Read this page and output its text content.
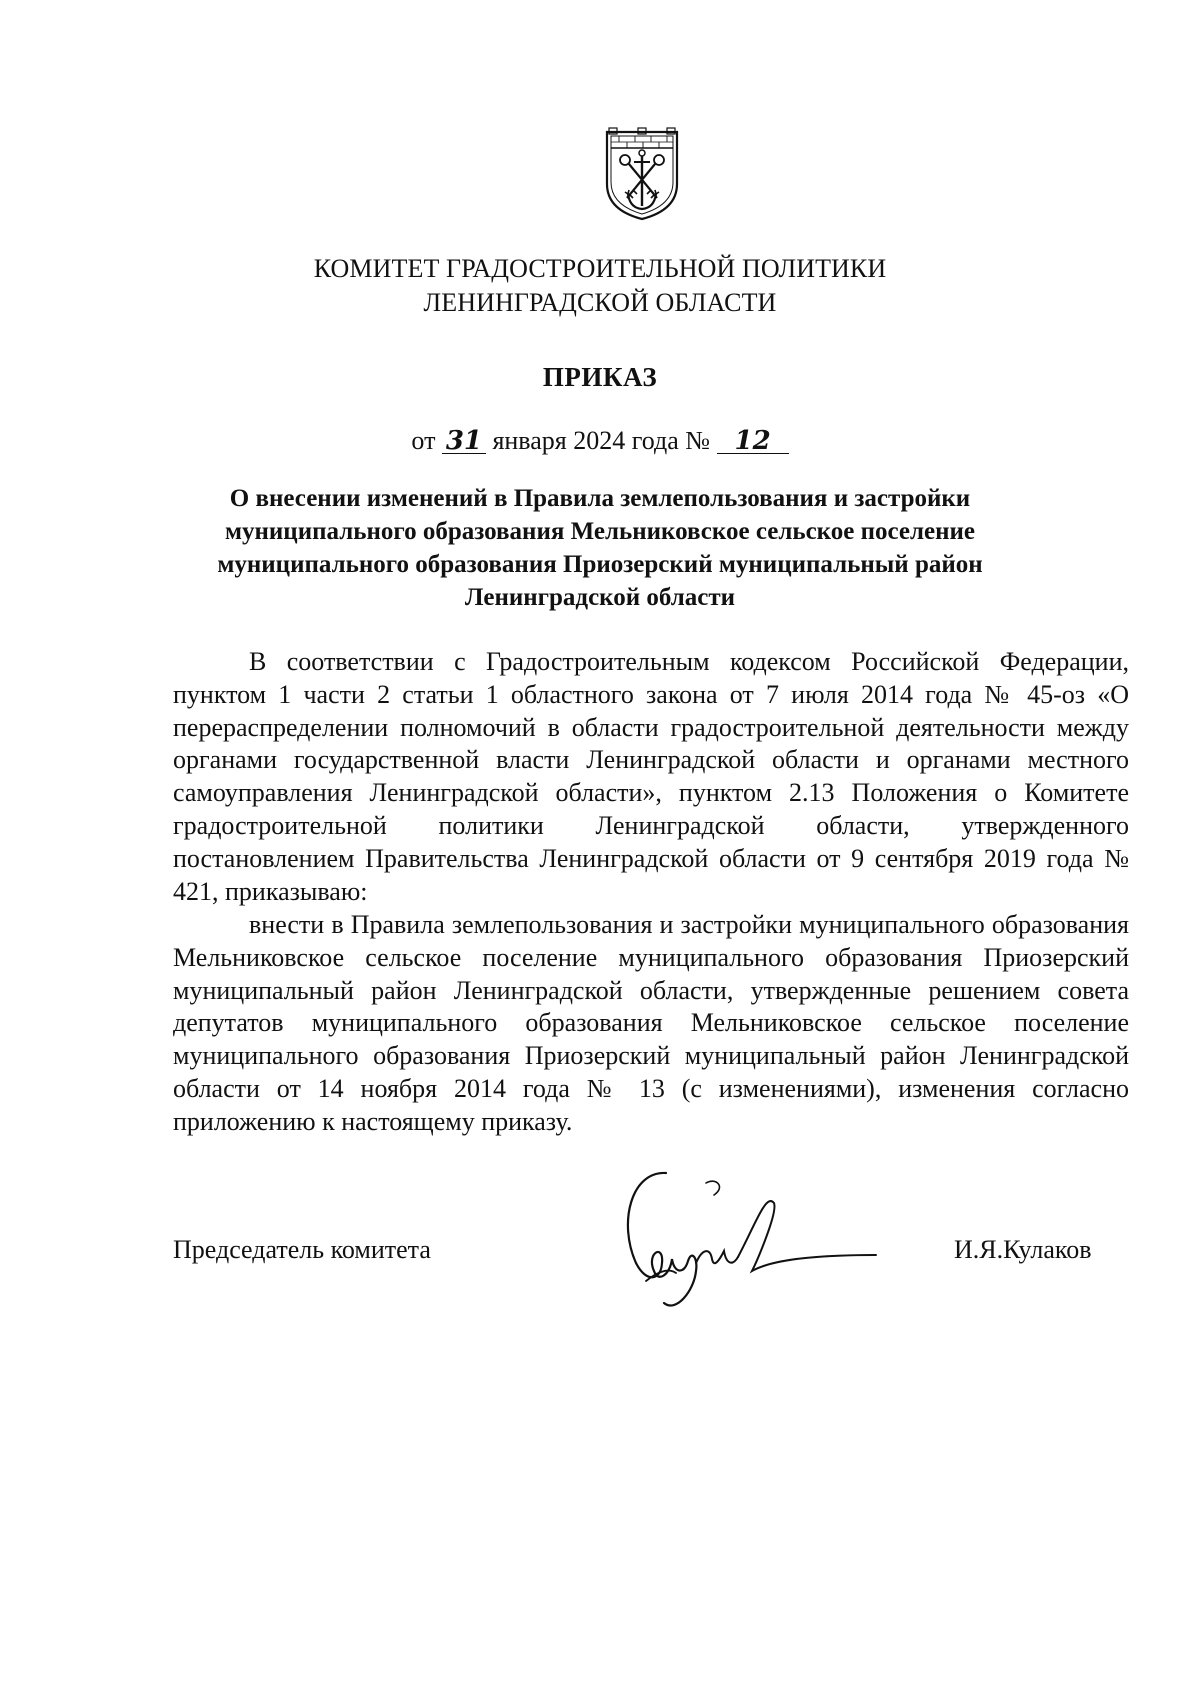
КОМИТЕТ ГРАДОСТРОИТЕЛЬНОЙ ПОЛИТИКИ
ЛЕНИНГРАДСКОЙ ОБЛАСТИ
ПРИКАЗ
от 31 января 2024 года № 12
О внесении изменений в Правила землепользования и застройки
муниципального образования Мельниковское сельское поселение
муниципального образования Приозерский муниципальный район
Ленинградской области

В соответствии с Градостроительным кодексом Российской Федерации, пунктом 1 части 2 статьи 1 областного закона от 7 июля 2014 года № 45-оз «О перераспределении полномочий в области градостроительной деятельности между органами государственной власти Ленинградской области и органами местного самоуправления Ленинградской области», пунктом 2.13 Положения о Комитете градостроительной политики Ленинградской области, утвержденного постановлением Правительства Ленинградской области от 9 сентября 2019 года № 421, приказываю:

внести в Правила землепользования и застройки муниципального образования Мельниковское сельское поселение муниципального образования Приозерский муниципальный район Ленинградской области, утвержденные решением совета депутатов муниципального образования Мельниковское сельское поселение муниципального образования Приозерский муниципальный район Ленинградской области от 14 ноября 2014 года № 13 (с изменениями), изменения согласно приложению к настоящему приказу.

Председатель комитета	И.Я.Кулаков
